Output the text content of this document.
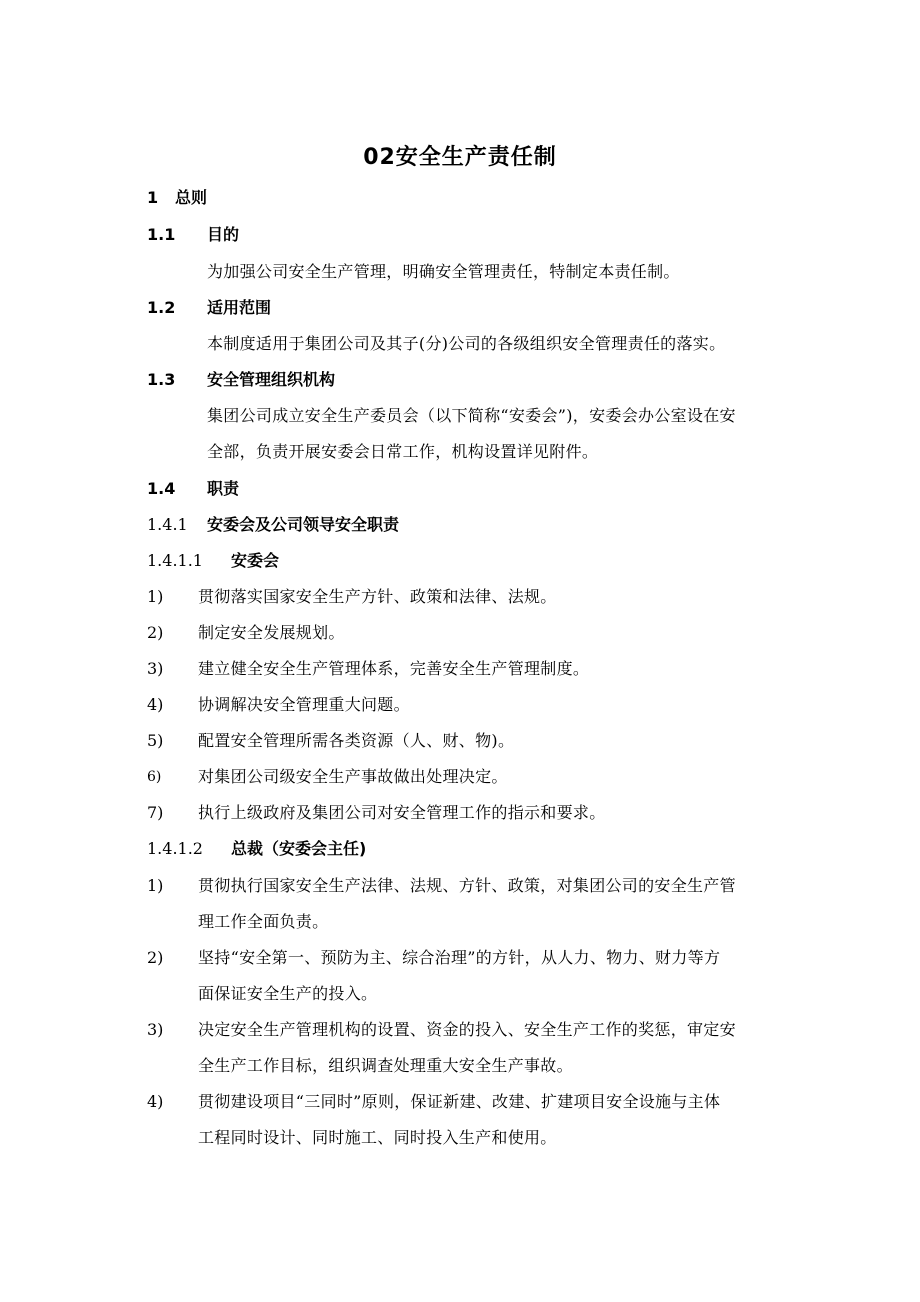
02安全生产责任制
1 总则
1.1 目的
为加强公司安全生产管理，明确安全管理责任，特制定本责任制。
1.2 适用范围
本制度适用于集团公司及其子(分)公司的各级组织安全管理责任的落实。
1.3 安全管理组织机构
集团公司成立安全生产委员会（以下简称“安委会”)，安委会办公室设在安
全部，负责开展安委会日常工作，机构设置详见附件。
1.4 职责
1.4.1 安委会及公司领导安全职责
1.4.1.1 安委会
1) 贯彻落实国家安全生产方针、政策和法律、法规。
2) 制定安全发展规划。
3) 建立健全安全生产管理体系，完善安全生产管理制度。
4) 协调解决安全管理重大问题。
5) 配置安全管理所需各类资源（人、财、物)。
6) 对集团公司级安全生产事故做出处理决定。
7) 执行上级政府及集团公司对安全管理工作的指示和要求。
1.4.1.2 总裁（安委会主任)
1) 贯彻执行国家安全生产法律、法规、方针、政策，对集团公司的安全生产管
理工作全面负责。
2) 坚持“安全第一、预防为主、综合治理”的方针，从人力、物力、财力等方
面保证安全生产的投入。
3) 决定安全生产管理机构的设置、资金的投入、安全生产工作的奖惩，审定安
全生产工作目标，组织调查处理重大安全生产事故。
4) 贯彻建设项目“三同时”原则，保证新建、改建、扩建项目安全设施与主体
工程同时设计、同时施工、同时投入生产和使用。
